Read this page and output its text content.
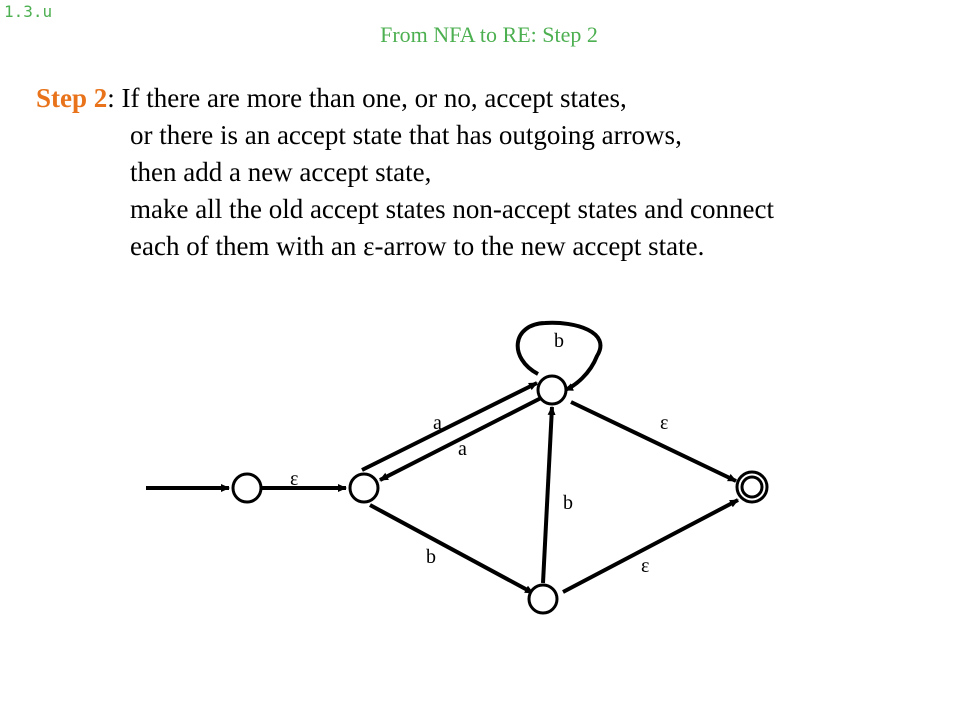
1.3.u
From NFA to RE: Step 2
Step 2: If there are more than one, or no, accept states,
or there is an accept state that has outgoing arrows,
then add a new accept state,
make all the old accept states non-accept states and connect
each of them with an ε-arrow to the new accept state.
b
a
a
ε
ε
ε
b
b
